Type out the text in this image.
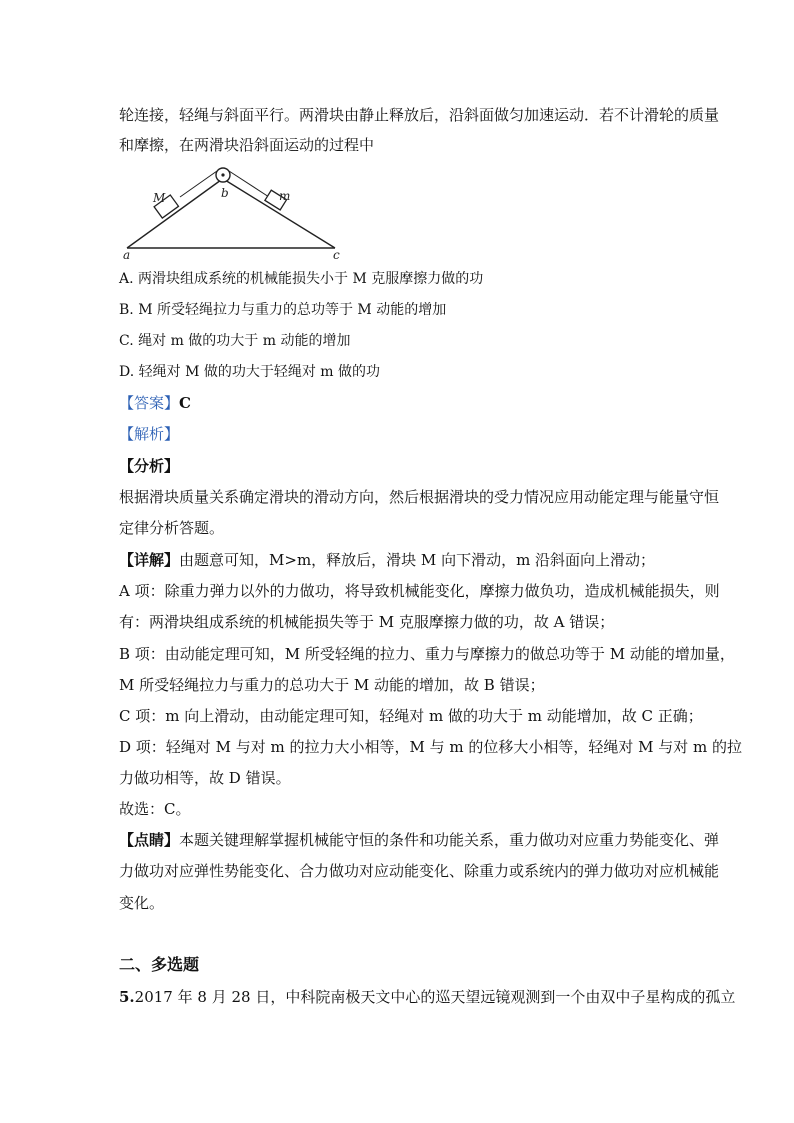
轮连接，轻绳与斜面平行。两滑块由静止释放后，沿斜面做匀加速运动．若不计滑轮的质量
和摩擦，在两滑块沿斜面运动的过程中
M	m
b
a	c
A. 两滑块组成系统的机械能损失小于 M 克服摩擦力做的功
B. M 所受轻绳拉力与重力的总功等于 M 动能的增加
C. 绳对 m 做的功大于 m 动能的增加
D. 轻绳对 M 做的功大于轻绳对 m 做的功
【答案】C
【解析】
【分析】
根据滑块质量关系确定滑块的滑动方向，然后根据滑块的受力情况应用动能定理与能量守恒
定律分析答题。
【详解】由题意可知，M>m，释放后，滑块 M 向下滑动，m 沿斜面向上滑动；
A 项：除重力弹力以外的力做功，将导致机械能变化，摩擦力做负功，造成机械能损失，则
有：两滑块组成系统的机械能损失等于 M 克服摩擦力做的功，故 A 错误；
B 项：由动能定理可知，M 所受轻绳的拉力、重力与摩擦力的做总功等于 M 动能的增加量，
M 所受轻绳拉力与重力的总功大于 M 动能的增加，故 B 错误；
C 项：m 向上滑动，由动能定理可知，轻绳对 m 做的功大于 m 动能增加，故 C 正确；
D 项：轻绳对 M 与对 m 的拉力大小相等，M 与 m 的位移大小相等，轻绳对 M 与对 m 的拉
力做功相等，故 D 错误。
故选：C。
【点睛】本题关键理解掌握机械能守恒的条件和功能关系，重力做功对应重力势能变化、弹
力做功对应弹性势能变化、合力做功对应动能变化、除重力或系统内的弹力做功对应机械能
变化。
二、多选题
5.2017 年 8 月 28 日，中科院南极天文中心的巡天望远镜观测到一个由双中子星构成的孤立
